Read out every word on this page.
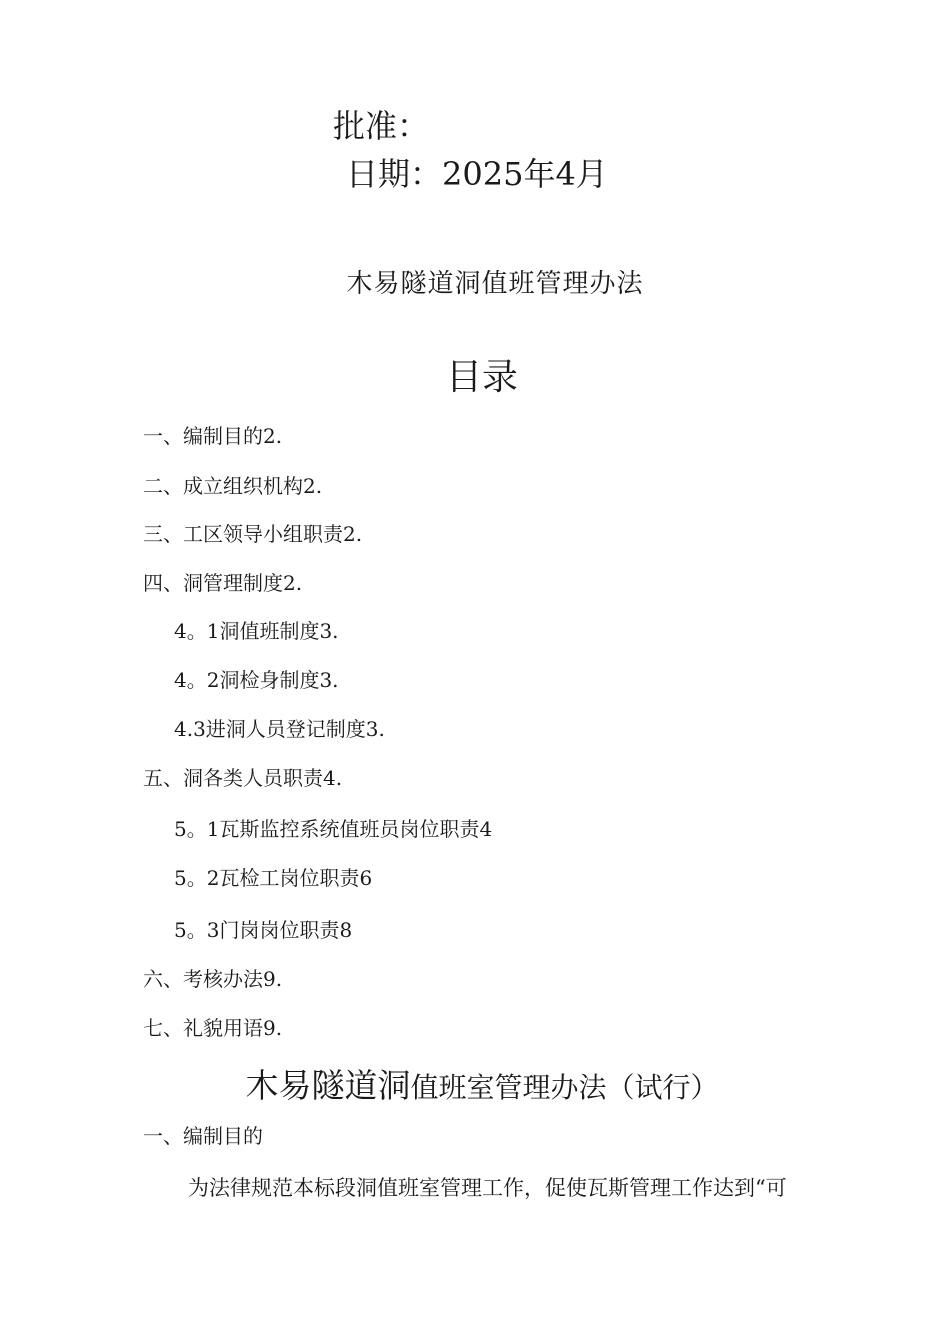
批准：
日期：2025年4月
木易隧道洞值班管理办法
目录
一、编制目的2.
二、成立组织机构2.
三、工区领导小组职责2.
四、洞管理制度2.
4。1洞值班制度3.
4。2洞检身制度3.
4.3进洞人员登记制度3.
五、洞各类人员职责4.
5。1瓦斯监控系统值班员岗位职责4
5。2瓦检工岗位职责6
5。3门岗岗位职责8
六、考核办法9.
七、礼貌用语9.
木易隧道洞值班室管理办法（试行）
一、编制目的
为法律规范本标段洞值班室管理工作，促使瓦斯管理工作达到“可
